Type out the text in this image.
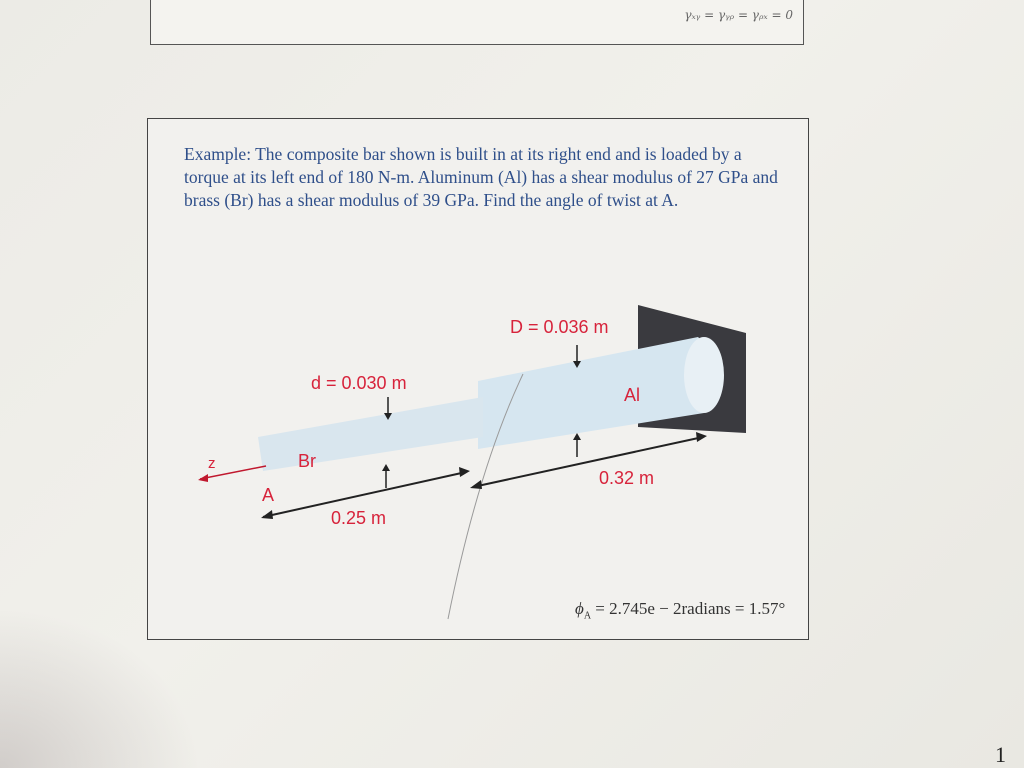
γₓᵧ = γᵧᵨ = γᵨₓ = 0

Example: The composite bar shown is built in at its right end and is loaded by a torque at its left end of 180 N-m. Aluminum (Al) has a shear modulus of 27 GPa and brass (Br) has a shear modulus of 39 GPa. Find the angle of twist at A.

D = 0.036 m
d = 0.030 m
Al
Br
z
A
0.25 m
0.32 m
$\phi_A = 2.745e$ − 2radians = 1.57°
1
